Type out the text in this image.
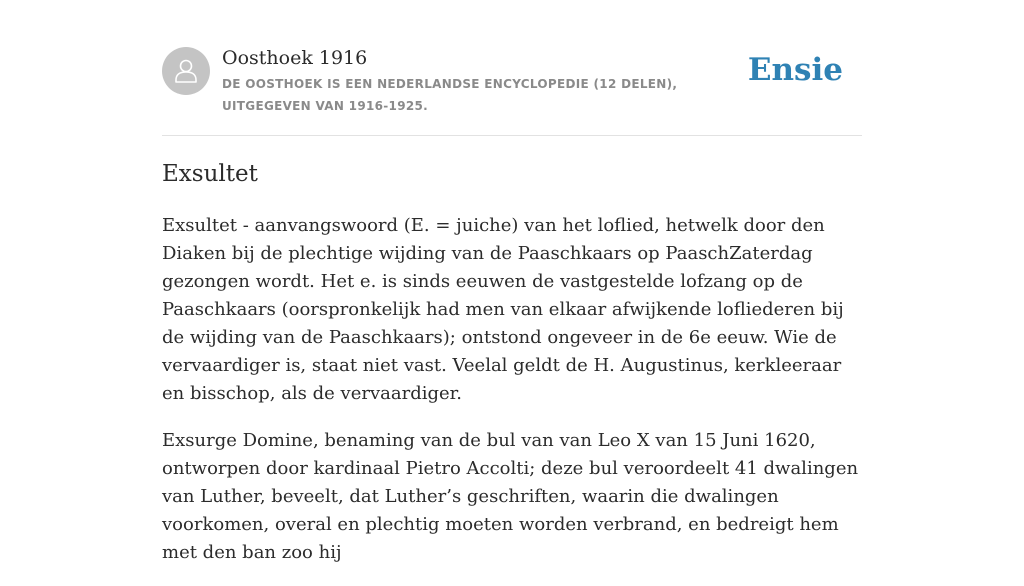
Oosthoek 1916
DE OOSTHOEK IS EEN NEDERLANDSE ENCYCLOPEDIE (12 DELEN), UITGEGEVEN VAN 1916-1925.
Ensie
Exsultet

Exsultet - aanvangswoord (E. = juiche) van het loflied, hetwelk door den Diaken bij de plechtige wijding van de Paaschkaars op PaaschZaterdag gezongen wordt. Het e. is sinds eeuwen de vastgestelde lofzang op de Paaschkaars (oorspronkelijk had men van elkaar afwijkende loﬂiederen bij de wijding van de Paaschkaars); ontstond ongeveer in de 6e eeuw. Wie de vervaardiger is, staat niet vast. Veelal geldt de H. Augustinus, kerkleeraar en bisschop, als de vervaardiger.

Exsurge Domine, benaming van de bul van van Leo X van 15 Juni 1620, ontworpen door kardinaal Pietro Accolti; deze bul veroordeelt 41 dwalingen van Luther, beveelt, dat Luther’s geschriften, waarin die dwalingen voorkomen, overal en plechtig moeten worden verbrand, en bedreigt hem met den ban zoo hij
